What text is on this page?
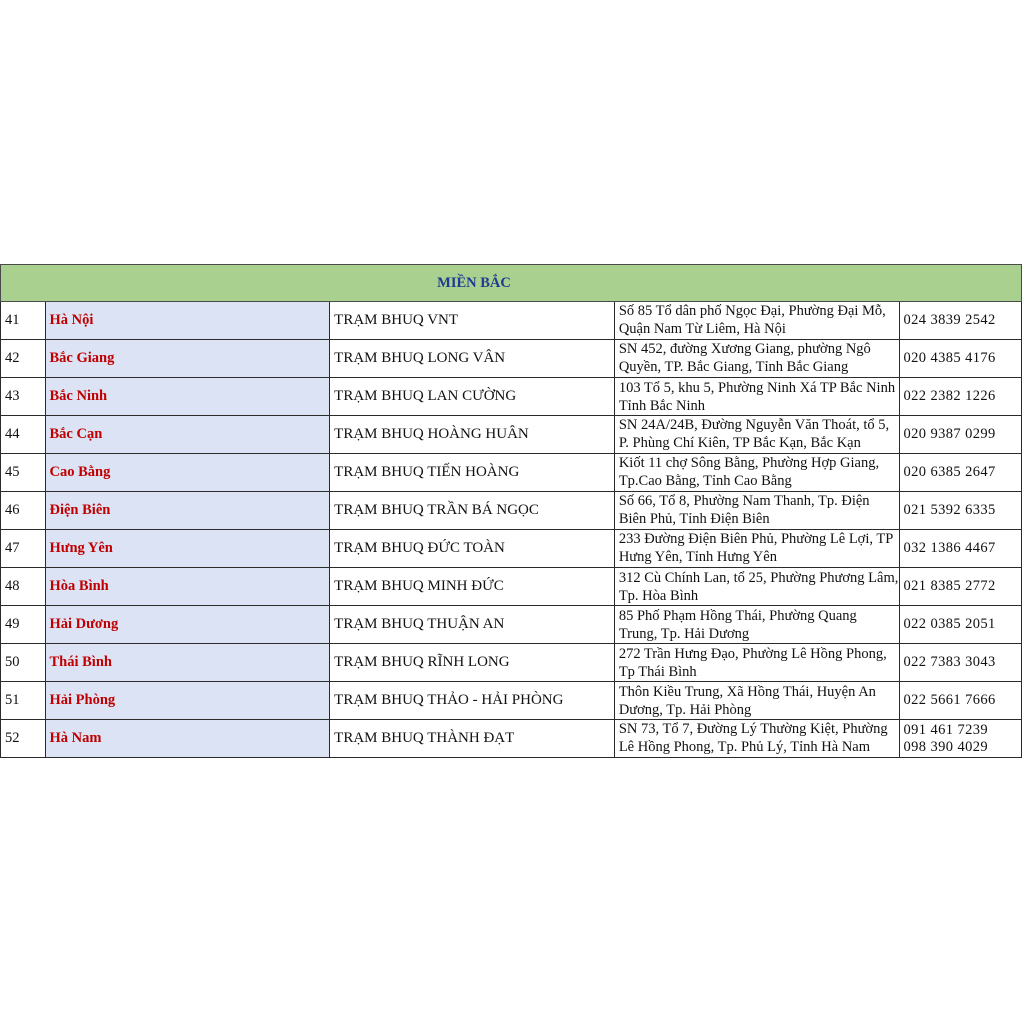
	MIỀN BẮC			
41	Hà Nội	TRẠM BHUQ VNT	Số 85 Tổ dân phố Ngọc Đại, Phường Đại Mỗ, Quận Nam Từ Liêm, Hà Nội	024 3839 2542

42	Bắc Giang	TRẠM BHUQ LONG VÂN	SN 452, đường Xương Giang, phường Ngô Quyền, TP. Bắc Giang, Tỉnh Bắc Giang	020 4385 4176

43	Bắc Ninh	TRẠM BHUQ LAN CƯỜNG	103 Tổ 5, khu 5, Phường Ninh Xá TP Bắc Ninh Tỉnh Bắc Ninh	022 2382 1226

44	Bắc Cạn	TRẠM BHUQ HOÀNG HUÂN	SN 24A/24B, Đường Nguyễn Văn Thoát, tổ 5, P. Phùng Chí Kiên, TP Bắc Kạn, Bắc Kạn	020 9387 0299

45	Cao Bằng	TRẠM BHUQ TIẾN HOÀNG	Kiốt 11 chợ Sông Bằng, Phường Hợp Giang, Tp.Cao Bằng, Tỉnh Cao Bằng	020 6385 2647

46	Điện Biên	TRẠM BHUQ TRẦN BÁ NGỌC	Số 66, Tổ 8, Phường Nam Thanh, Tp. Điện Biên Phủ, Tỉnh Điện Biên	021 5392 6335

47	Hưng Yên	TRẠM BHUQ ĐỨC TOÀN	233 Đường Điện Biên Phủ, Phường Lê Lợi, TP Hưng Yên, Tỉnh Hưng Yên	032 1386 4467

48	Hòa Bình	TRẠM BHUQ MINH ĐỨC	312 Cù Chính Lan, tổ 25, Phường Phương Lâm, Tp. Hòa Bình	021 8385 2772

49	Hải Dương	TRẠM BHUQ THUẬN AN	85 Phố Phạm Hồng Thái, Phường Quang Trung, Tp. Hải Dương	022 0385 2051

50	Thái Bình	TRẠM BHUQ RĨNH LONG	272 Trần Hưng Đạo, Phường Lê Hồng Phong, Tp Thái Bình	022 7383 3043

51	Hải Phòng	TRẠM BHUQ THẢO - HẢI PHÒNG	Thôn Kiều Trung, Xã Hồng Thái, Huyện An Dương, Tp. Hải Phòng	022 5661 7666

52	Hà Nam	TRẠM BHUQ THÀNH ĐẠT	SN 73, Tổ 7, Đường Lý Thường Kiệt, Phường Lê Hồng Phong, Tp. Phủ Lý, Tỉnh Hà Nam	091 461 7239
098 390 4029
